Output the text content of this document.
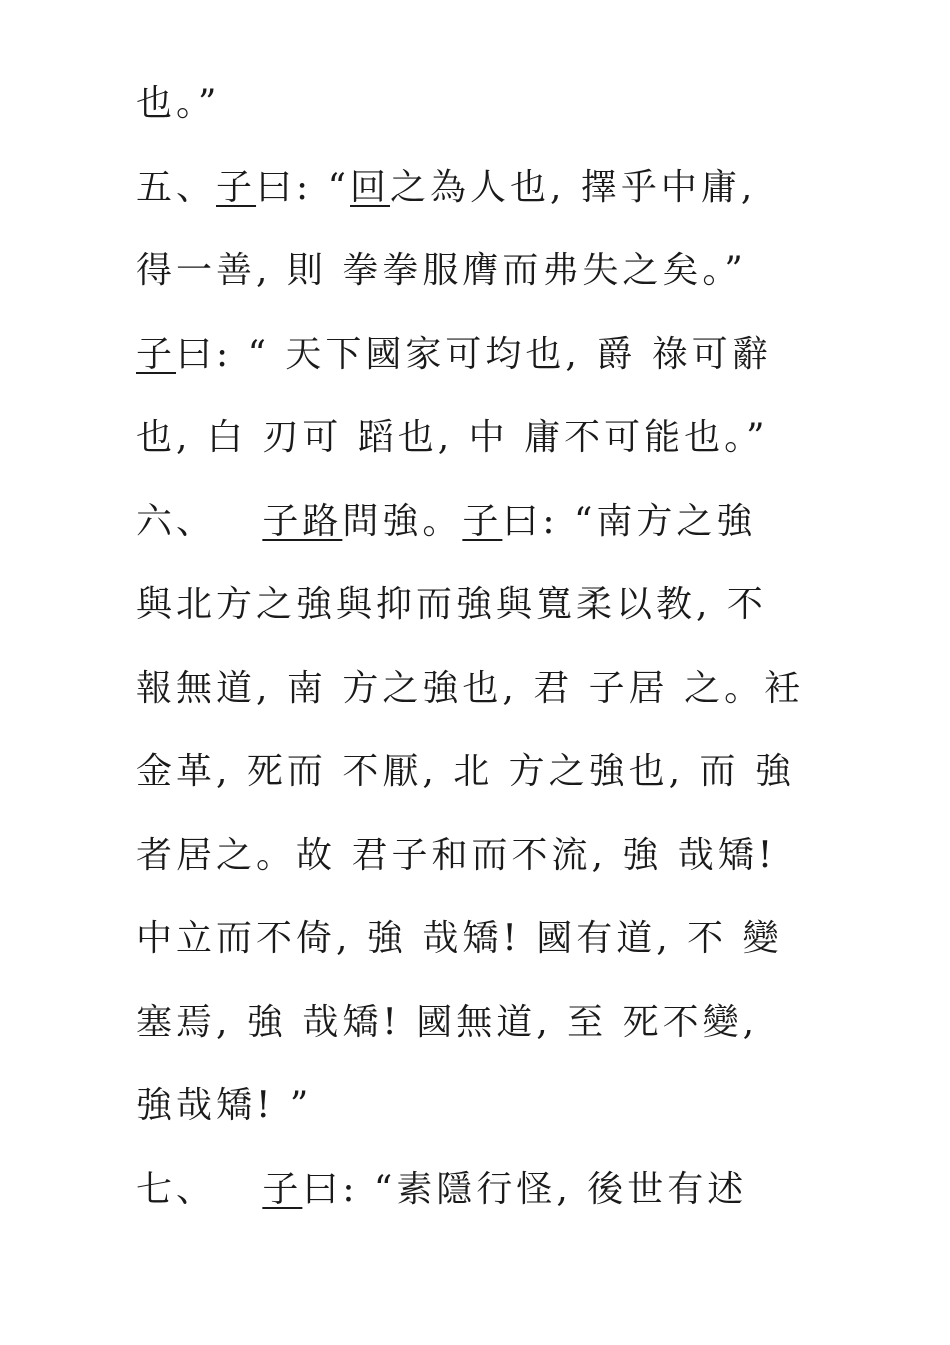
也。”
五、子曰: “回之為人也, 擇乎中庸,
得一善, 則 拳拳服膺而弗失之矣。”
子曰: “ 天下國家可均也, 爵 祿可辭
也, 白 刃可 蹈也, 中 庸不可能也。”
六、   子路問強。子曰: “南方之強
與北方之強與抑而強與寬柔以教, 不
報無道, 南 方之強也, 君 子居 之。衽
金革, 死而 不厭, 北 方之強也, 而 強
者居之。故 君子和而不流, 強 哉矯!
中立而不倚, 強 哉矯! 國有道, 不 變
塞焉, 強 哉矯! 國無道, 至 死不變,
強哉矯! ”
七、   子曰: “素隱行怪, 後世有述
